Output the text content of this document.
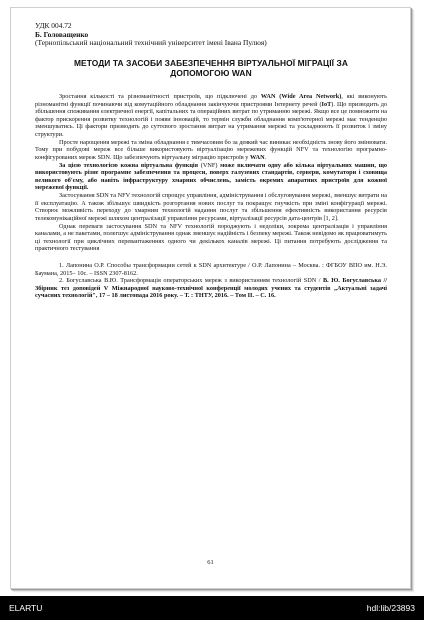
УДК 004.72

Б. Головащенко

(Тернопільський національний технічний університет імені Івана Пулюя)

МЕТОДИ ТА ЗАСОБИ ЗАБЕЗПЕЧЕННЯ ВІРТУАЛЬНОЇ МІГРАЦІЇ ЗА
ДОПОМОГОЮ WAN

Зростання кількості та різноманітності пристроїв, що підключені до WAN (Wide Area Network), які виконують різноманітні функції починаючи від комутаційного обладнання закінчуючи пристроями Інтернету речей (IoT). Що призводить до збільшення споживання електричної енергії, капітальних та операційних витрат по утриманню мережі. Якщо все це помножити на фактор прискорення розвитку технологій і появи інновацій, то термін служби обладнання комп'ютерної мережі має тенденцію зменшуватись. Ці фактори призводять до суттєвого зростання витрат на утримання мережі та ускладнюють її розвиток і зміну структури.

Просте нарощення мережі та зміна обладнання є тимчасовим бо за деякий час виникає необхідність знову його змінювати. Тому при побудові мереж все більше використовують віртуалізацію мережевих функцій NFV та технологію програмно-конфігурованих мереж SDN. Що забезпечують віртуальну міграцію пристроїв у WAN.

За цією технологією кожна віртуальна функція (VNF) може включати одну або кілька віртуальних машин, що використовують різне програмне забезпечення та процеси, поверх галузевих стандартів, сервери, комутатори і сховища великого об'єму, або навіть інфраструктуру хмарних обчислень, замість окремих апаратних пристроїв для кожної мережевої функції.

Застосування SDN та NFV технологій спрощує управління, адміністрування і обслуговування мережі, зменшує витрати на її експлуатацію. А також збільшує швидкість розгортання нових послуг та покращує гнучкість при зміні конфігурації мережі. Створює можливість переходу до хмарним технологій надання послуг та збільшення ефективність використання ресурсів телекомунікаційної мережі шляхом централізації управління ресурсами, віртуалізації ресурсів дата-центрів [1, 2].

Однак переваги застосування SDN та NFV технологій породжують і недоліки, зокрема централізація і управління каналами, а не пакетами, полегшує адміністрування однак зменшує надійність і безпеку мережі. Також невідомо як працюватимуть ці технології при циклічних перевантаженнях одного чи декількох каналів мережі. Ці питання потребують дослідження та практичного тестування

1. Лапонина О.Р. Способы трансформации сетей к SDN архитектуре / О.Р. Лапонина – Москва. : ФГБОУ ВПО им. Н.Э. Баумана, 2015– 10с. – ISSN 2307-8162.

2. Богуславська В.Ю. Трансформація операторських мереж з використанням технологій SDN / В. Ю. Богуславська // Збірник тез доповідей V Міжнародної науково-технічної конференції молодих учених та студентів „Актуальні задачі сучасних технологій", 17 – 18 листопада 2016 року. – Т. : ТНТУ, 2016. – Том II. – С. 16.

61
ELARTU	hdl:lib/23893
